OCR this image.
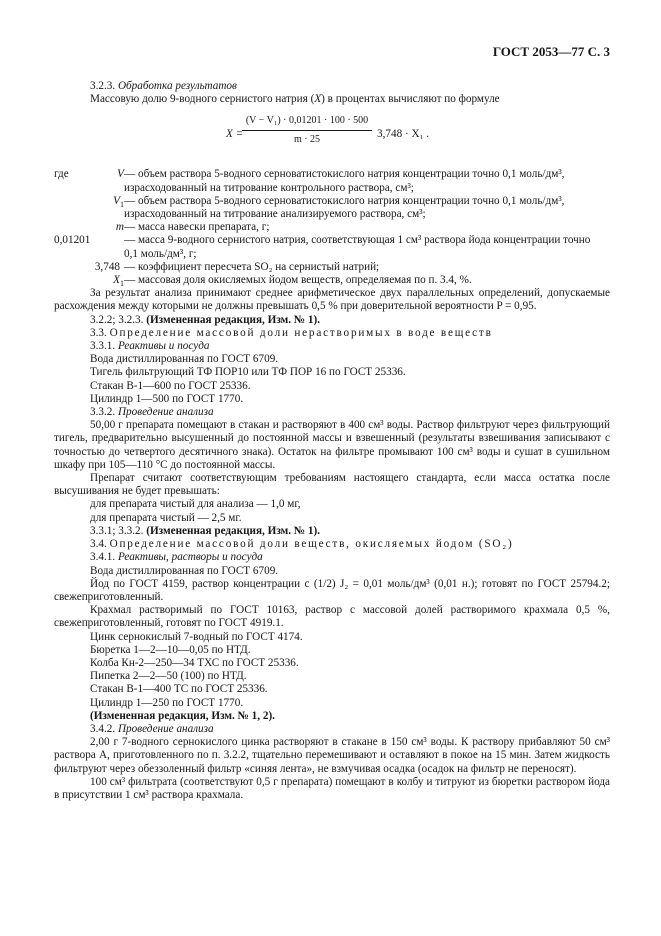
ГОСТ 2053—77 С. 3

3.2.3. Обработка результатов

Массовую долю 9-водного сернистого натрия (X) в процентах вычисляют по формуле

X =
$\frac{\text{(V − V₁) · 0,01201 · 100 · 500}}{m \cdot 25} 3,748 \cdot X_1$ .
где	V	— объем раствора 5-водного серноватистокислого натрия концентрации точно 0,1 моль/дм³, израсходованный на титрование контрольного раствора, см³;
	$V_1$	— объем раствора 5-водного серноватистокислого натрия концентрации точно 0,1 моль/дм³, израсходованный на титрование анализируемого раствора, см³;
	m	— масса навески препарата, г;
0,01201		— масса 9-водного сернистого натрия, соответствующая 1 см³ раствора йода концентрации точно 0,1 моль/дм³, г;
3,748		— коэффициент пересчета SO₂ на сернистый натрий;
	$X_1$	— массовая доля окисляемых йодом веществ, определяемая по п. 3.4, %.

За результат анализа принимают среднее арифметическое двух параллельных определений, допускаемые расхождения между которыми не должны превышать 0,5 % при доверительной вероятности P = 0,95.

3.2.2; 3.2.3. (Измененная редакция, Изм. № 1).

3.3. Определение массовой доли нерастворимых в воде веществ

3.3.1. Реактивы и посуда

Вода дистиллированная по ГОСТ 6709.

Тигель фильтрующий ТФ ПОР10 или ТФ ПОР 16 по ГОСТ 25336.

Стакан В-1—600 по ГОСТ 25336.

Цилиндр 1—500 по ГОСТ 1770.

3.3.2. Проведение анализа

50,00 г препарата помещают в стакан и растворяют в 400 см³ воды. Раствор фильтруют через фильтрующий тигель, предварительно высушенный до постоянной массы и взвешенный (результаты взвешивания записывают с точностью до четвертого десятичного знака). Остаток на фильтре промывают 100 см³ воды и сушат в сушильном шкафу при 105—110 °С до постоянной массы.

Препарат считают соответствующим требованиям настоящего стандарта, если масса остатка после высушивания не будет превышать:

для препарата чистый для анализа — 1,0 мг,

для препарата чистый — 2,5 мг.

3.3.1; 3.3.2. (Измененная редакция, Изм. № 1).

3.4. Определение массовой доли веществ, окисляемых йодом (SO₂)

3.4.1. Реактивы, растворы и посуда

Вода дистиллированная по ГОСТ 6709.

Йод по ГОСТ 4159, раствор концентрации c (1/2) J₂ = 0,01 моль/дм³ (0,01 н.); готовят по ГОСТ 25794.2; свежеприготовленный.

Крахмал растворимый по ГОСТ 10163, раствор с массовой долей растворимого крахмала 0,5 %, свежеприготовленный, готовят по ГОСТ 4919.1.

Цинк сернокислый 7-водный по ГОСТ 4174.

Бюретка 1—2—10—0,05 по НТД.

Колба Кн-2—250—34 ТХС по ГОСТ 25336.

Пипетка 2—2—50 (100) по НТД.

Стакан В-1—400 ТС по ГОСТ 25336.

Цилиндр 1—250 по ГОСТ 1770.

(Измененная редакция, Изм. № 1, 2).

3.4.2. Проведение анализа

2,00 г 7-водного сернокислого цинка растворяют в стакане в 150 см³ воды. К раствору прибавляют 50 см³ раствора А, приготовленного по п. 3.2.2, тщательно перемешивают и оставляют в покое на 15 мин. Затем жидкость фильтруют через обеззоленный фильтр «синяя лента», не взмучивая осадка (осадок на фильтр не переносят).

100 см³ фильтрата (соответствуют 0,5 г препарата) помещают в колбу и титруют из бюретки раствором йода в присутствии 1 см³ раствора крахмала.
